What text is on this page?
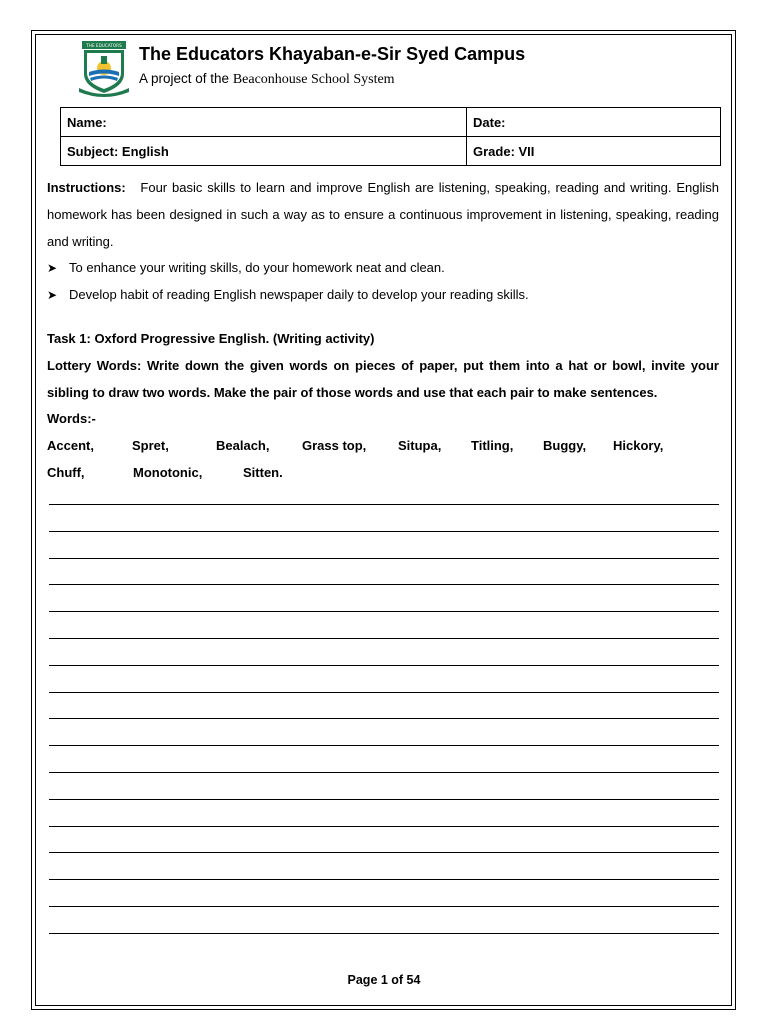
THE EDUCATORS The Educators Khayaban-e-Sir Syed Campus
A project of the Beaconhouse School System
Name:	Date:
Subject: English	Grade: VII
Instructions: Four basic skills to learn and improve English are listening, speaking, reading and writing. English homework has been designed in such a way as to ensure a continuous improvement in listening, speaking, reading and writing.
➤ To enhance your writing skills, do your homework neat and clean.
➤ Develop habit of reading English newspaper daily to develop your reading skills.
Task 1: Oxford Progressive English. (Writing activity)
Lottery Words: Write down the given words on pieces of paper, put them into a hat or bowl, invite your sibling to draw two words. Make the pair of those words and use that each pair to make sentences.
Words:-
Accent,	Spret,	Bealach,	Grass top, Situpa, Titling, Buggy, Hickory,
Chuff,	Monotonic,	Sitten.
Page 1 of 54
